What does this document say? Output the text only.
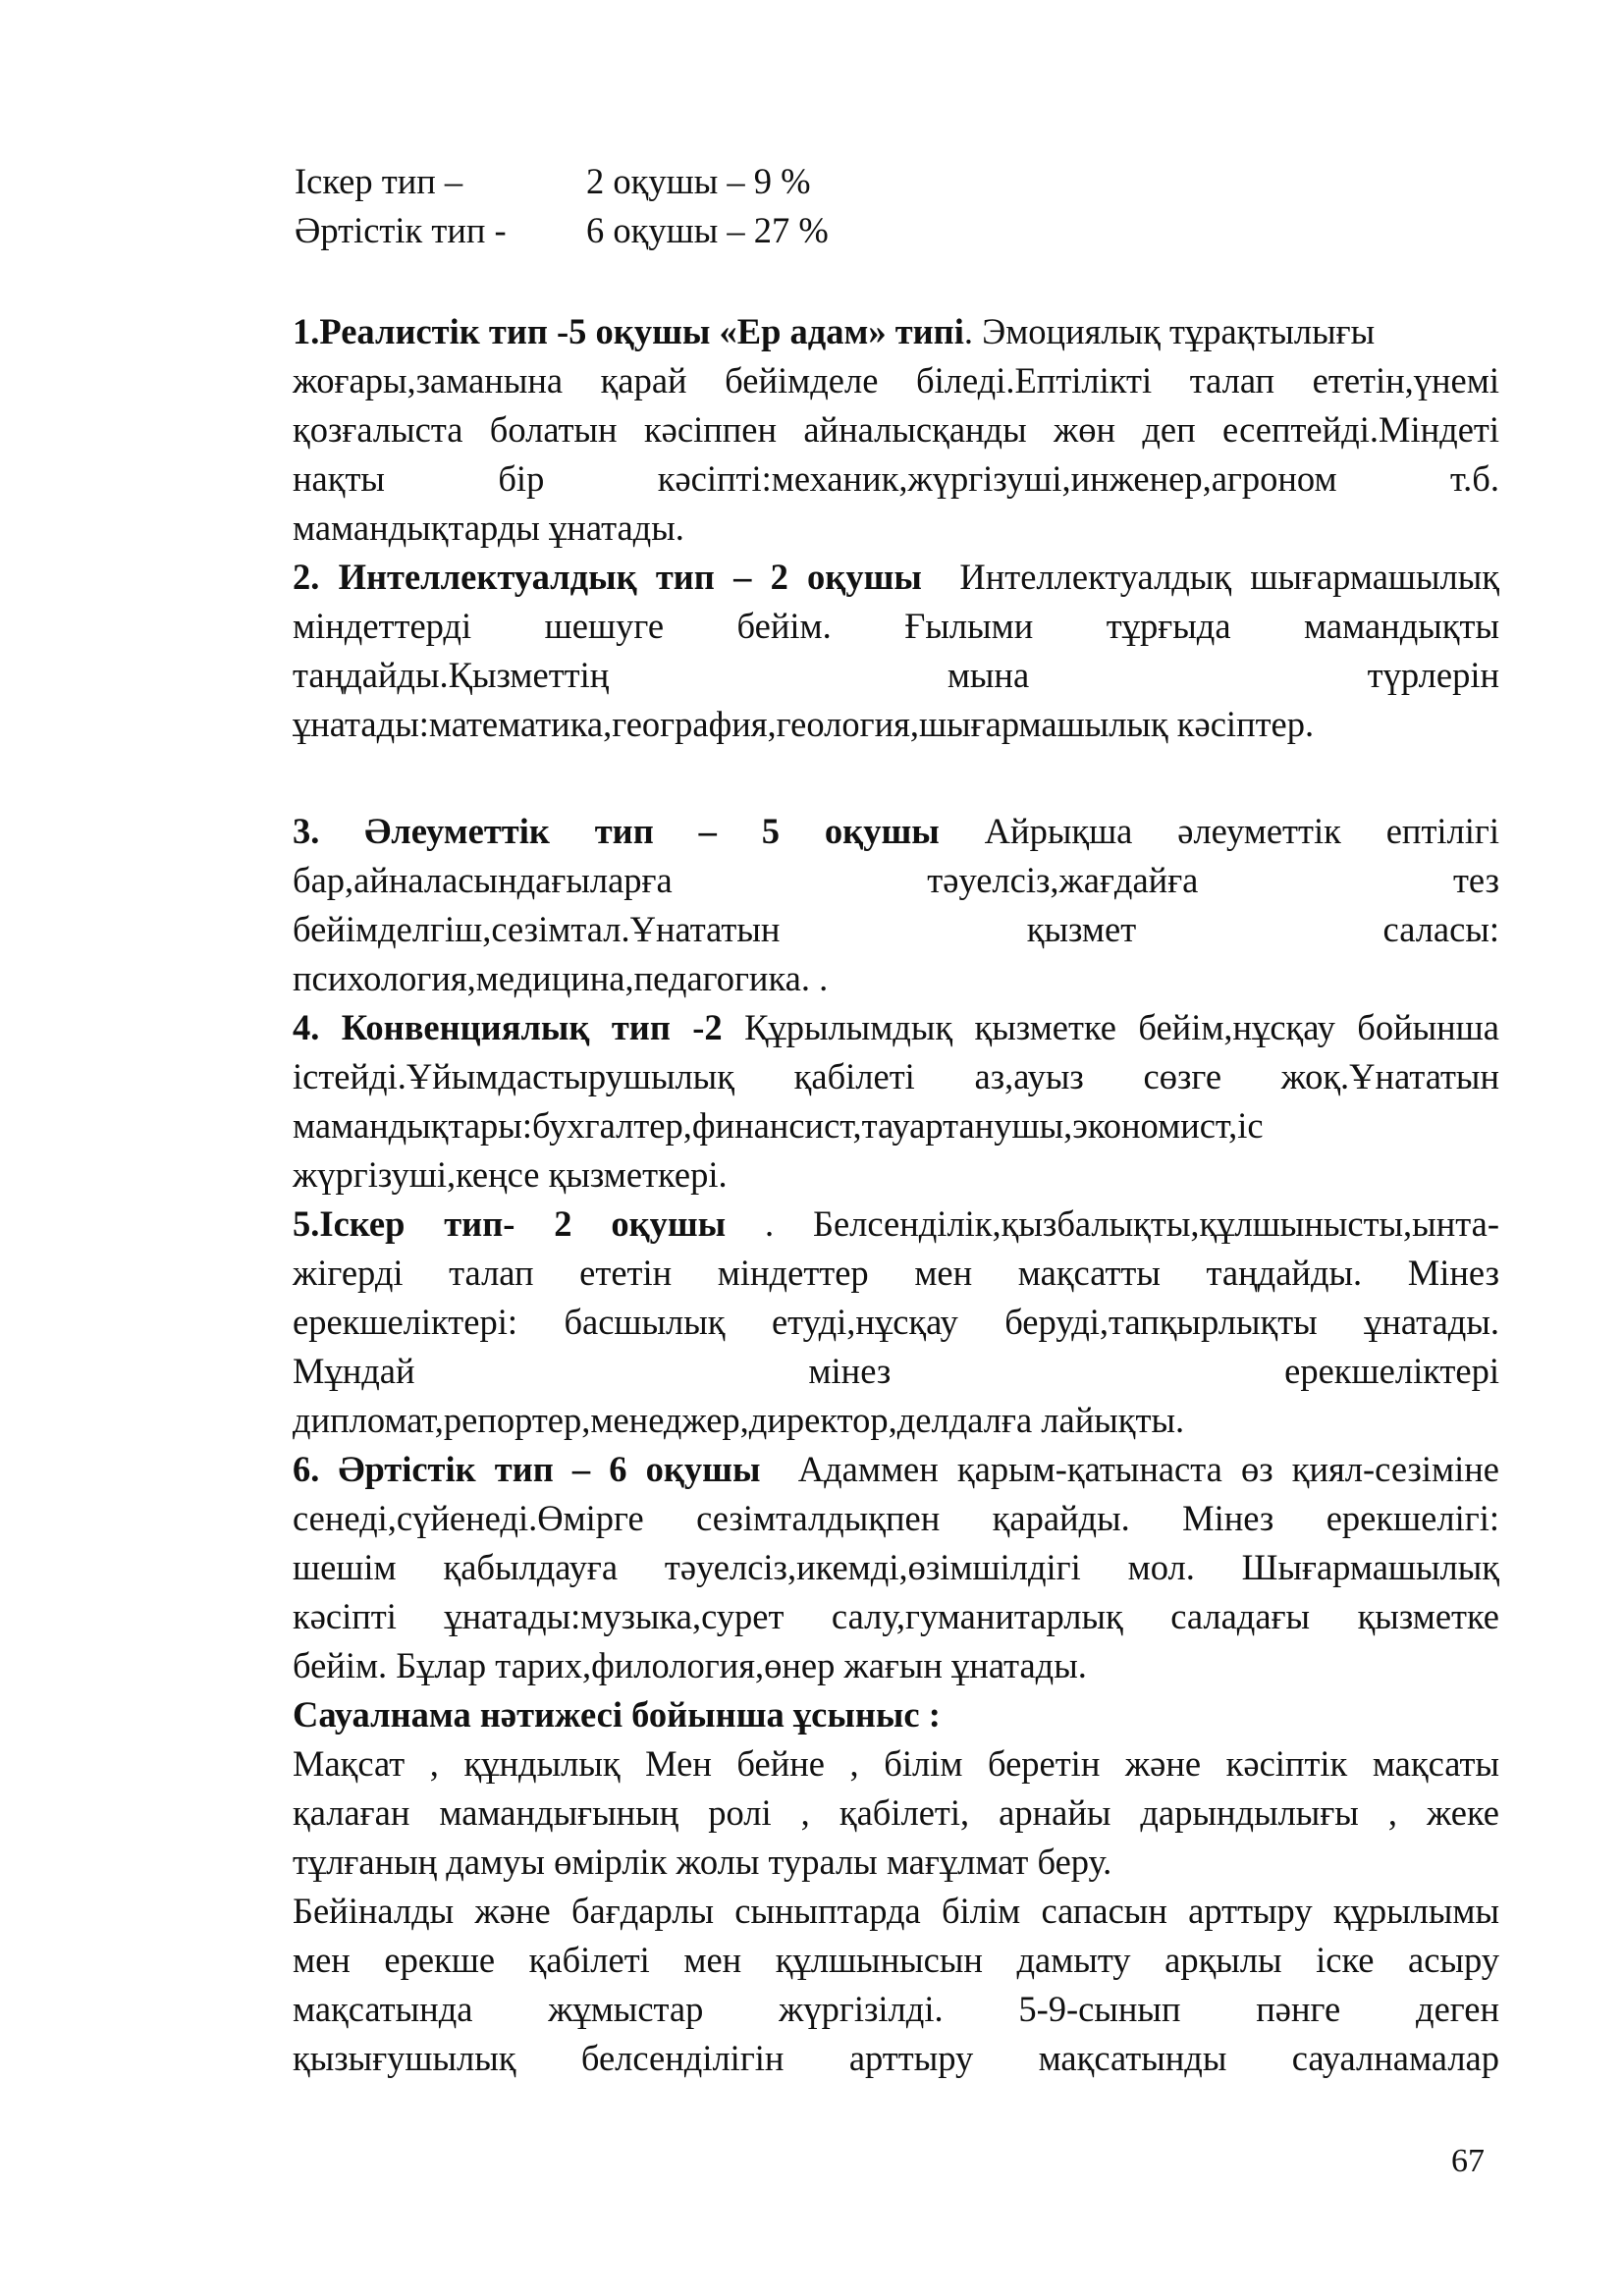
Іскер тип –	2 оқушы – 9 %
Әртістік тип - 6 оқушы – 27 %
1.Реалистік тип -5 оқушы «Ер адам» типі. Эмоциялық тұрақтылығы
жоғары,заманына қарай бейімделе біледі.Ептілікті талап ететін,үнемі
қозғалыста болатын кәсіппен айналысқанды жөн деп есептейді.Міндеті
нақты бір кәсіпті:механик,жүргізуші,инженер,агроном т.б.
мамандықтарды ұнатады.
2. Интеллектуалдық тип – 2 оқушы Интеллектуалдық шығармашылық
міндеттерді шешуге бейім. Ғылыми тұрғыда мамандықты
таңдайды.Қызметтің мына түрлерін
ұнатады:математика,география,геология,шығармашылық кәсіптер.
3. Әлеуметтік тип – 5 оқушы Айрықша әлеуметтік ептілігі
бар,айналасындағыларға тәуелсіз,жағдайға тез
бейімделгіш,сезімтал.Ұнататын қызмет саласы:
психология,медицина,педагогика. .
4. Конвенциялық тип -2 Құрылымдық қызметке бейім,нұсқау бойынша
істейді.Ұйымдастырушылық қабілеті аз,ауыз сөзге жоқ.Ұнататын
мамандықтары:бухгалтер,финансист,тауартанушы,экономист,іс
жүргізуші,кеңсе қызметкері.
5.Іскер тип- 2 оқушы . Белсенділік,қызбалықты,құлшынысты,ынта-
жігерді талап ететін міндеттер мен мақсатты таңдайды. Мінез
ерекшеліктері: басшылық етуді,нұсқау беруді,тапқырлықты ұнатады.
Мұндай мінез ерекшеліктері
дипломат,репортер,менеджер,директор,делдалға лайықты.
6. Әртістік тип – 6 оқушы Адаммен қарым-қатынаста өз қиял-сезіміне
сенеді,сүйенеді.Өмірге сезімталдықпен қарайды. Мінез ерекшелігі:
шешім қабылдауға тәуелсіз,икемді,өзімшілдігі мол. Шығармашылық
кәсіпті ұнатады:музыка,сурет салу,гуманитарлық саладағы қызметке
бейім. Бұлар тарих,филология,өнер жағын ұнатады.
Сауалнама нәтижесі бойынша ұсыныс :
Мақсат , құндылық Мен бейне , білім беретін және кәсіптік мақсаты
қалаған мамандығының ролі , қабілеті, арнайы дарындылығы , жеке
тұлғаның дамуы өмірлік жолы туралы мағұлмат беру.
Бейіналды және бағдарлы сыныптарда білім сапасын арттыру құрылымы
мен ерекше қабілеті мен құлшынысын дамыту арқылы іске асыру
мақсатында жұмыстар жүргізілді. 5-9-сынып пәнге деген
қызығушылық белсенділігін арттыру мақсатынды сауалнамалар
67
